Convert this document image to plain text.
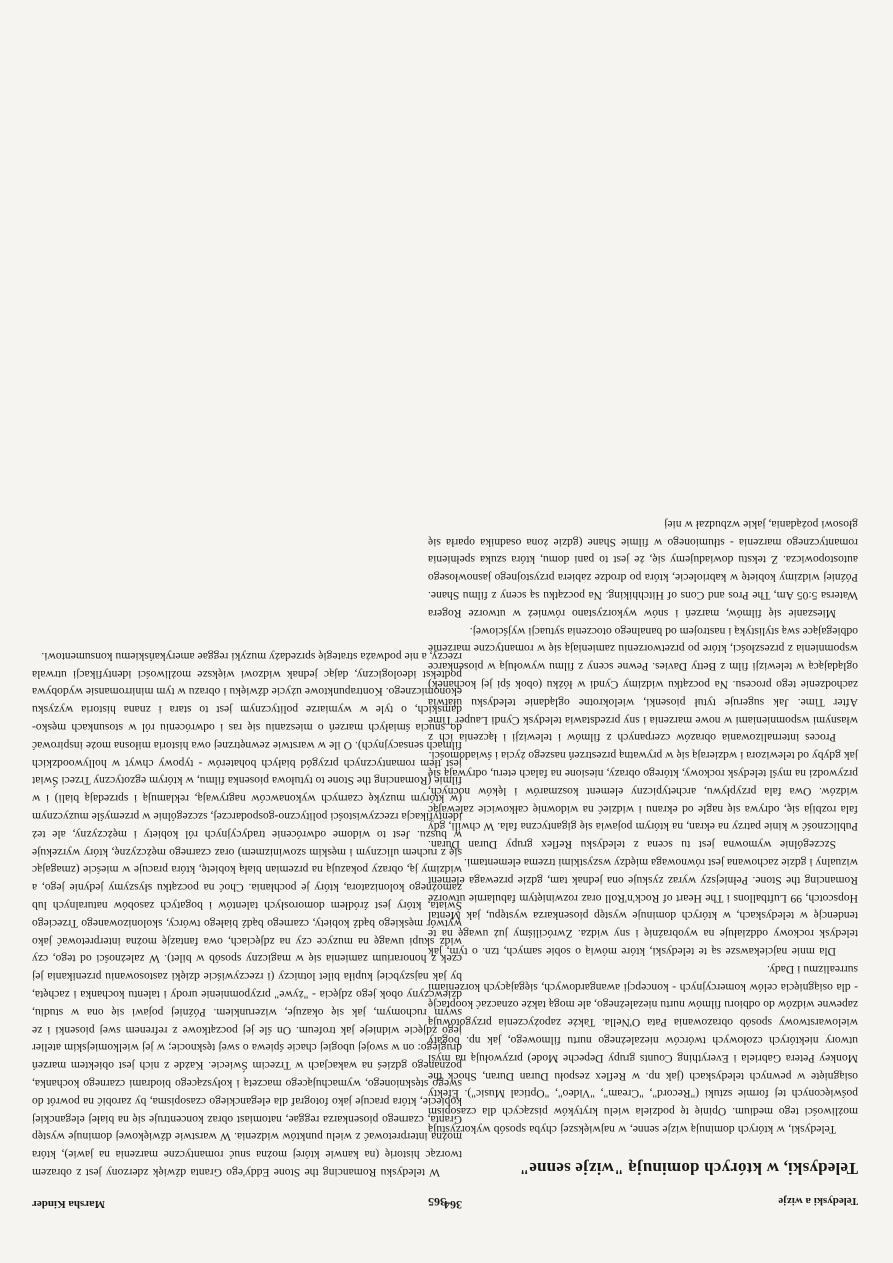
Teledyski a wizje
365
Teledyski, w których dominują "wizje senne"

Teledyski, w których dominują wizje senne, w największej chyba sposób wykorzystują możliwości tego medium. Opinię tę podziela wielu krytyków piszących dla czasopism poświęconych tej formie sztuki ("Record", "Cream", "Video", "Optical Music"). Efekty osiągnięte w pewnych teledyskach (jak np. w Reflex zespołu Duran Duran, Shock the Monkey Petera Gabriela i Everything Counts grupy Depeche Mode) przywołują na myśl utwory niektórych czołowych twórców niezależnego nurtu filmowego, jak np. bogaty wielowarstwowy sposób obrazowania Pata O'Nella. Także zapożyczenia przygotowują zapewne widzów do odbioru filmów nurtu niezależnego, ale mogą także oznaczać kooptację - dla osiągnięcia celów komercyjnych - koncepcji awangardowych, sięgających korzeniami surrealizmu i Dady.

Dla mnie najciekawsze są te teledyski, które mówią o sobie samych, tzn. o tym, jak teledysk rockowy oddziałuje na wyobraźnię i sny widza. Zwróciliśmy już uwagę na te tendencję w teledyskach, w których dominuje występ piosenkarza występu, jak Mental Hopscotch, 99 Luftballons i The Heart of Rock'n'Roll oraz rozwiniętym fabularnie utworze Romancing the Stone. Pełniejszy wyraz zyskuje ona jednak tam, gdzie przewaga element wizualny i gdzie zachowana jest równowaga między wszystkimi trzema elementami.

Szczególnie wymowna jest tu scena z teledysku Reflex grupy Duran Duran. Publiczność w kinie patrzy na ekran, na którym pojawia się gigantyczna fala. W chwili, gdy fala rozbija się, odrywa się nagle od ekranu i widzieć na widownię całkowicie zalewając widzów. Owa fala przypływu, archetypiczny element koszmarów i lęków nocnych, przywodzi na myśl teledysk rockowy, którego obrazy, niesione na falach eteru, odrywają się jak gdyby od telewizora i wdzierają się w prywatną przestrzeń naszego życia i świadomości.

Proces internalizowania obrazów czerpanych z filmów i telewizji i łączenia ich z własnymi wspomnieniami w nowe marzenia i sny przedstawia teledysk Cyndi Lauper Time After Time. Jak sugeruje tytuł piosenki, wielokrotne oglądanie teledysku ułatwia zachodzenie tego procesu. Na początku widzimy Cyndi w łóżku (obok śpi jej kochanek) oglądającą w telewizji film z Betty Davies. Pewne sceny z filmu wywołują w piosenkarce wspomnienia z przeszłości, które po przetworzeniu zamieniają się w romantyczne marzenie odbiegające swą stylistyką i nastrojem od banalnego otoczenia sytuacji wyjściowej.

Mieszanie się filmów, marzeń i snów wykorzystano również w utworze Rogera Watersa 5:05 Am, The Pros and Cons of Hitchhiking. Na początku są sceny z filmu Shane. Później widzimy kobietę w kabriolecie, która po drodze zabiera przystojnego jasnowłosego autostopowicza. Z tekstu dowiadujemy się, że jest to pani domu, która szuka spełnienia romantycznego marzenia - stłumionego w filmie Shane (gdzie żona osadnika oparła się głosowi pożądania, jakie wzbudzał w niej

364
Marsha Kinder

W teledysku Romancing the Stone Eddy'ego Granta dźwięk zderzony jest z obrazem tworząc historię (na kanwie której można snuć romantyczne marzenia na jawie), która można interpretować z wielu punktów widzenia. W warstwie dźwiękowej dominuje występ Granta, czarnego piosenkarza reggae, natomiast obraz koncentruje się na białej eleganckiej kobiecie, która pracuje jako fotograf dla eleganckiego czasopisma, by zarobić na powrót do swego stęsknionego, wymachującego maczetą i kołyszącego biodrami czarnego kochanka, poznanego gdzieś na wakacjach w Trzecim Świecie. Każde z nich jest obiektem marzeń drugiego: on w swojej ubogiej chacie śpiewa o swej tęsknocie; w jej wielkomiejskim atelier jego zdjęcie widnieje jak trofeum. On śle jej początkowe z refrenem swej piosenki i ze swym ruchomym, jak się okazuje, wizerunkiem. Później pojawi się ona w studiu, dziewczyny obok jego zdjęcia - "żywe" przypomnienie urody i talentu kochanka i zachęta, by jak najszybciej kupiła bilet lotniczy (i rzeczywiście dzięki zastosowaniu przenikania jej czek z honorarium zamienia się w magiczny sposób w bilet). W zależności od tego, czy widz skupi uwagę na muzyce czy na zdjęciach, owa fantazję można interpretować jako wytwór męskiego bądź kobiety, czarnego bądź białego twórcy, skolonizowanego Trzeciego Świata, który jest źródłem domorosłych talentów i bogatych zasobów naturalnych lub zamożnego kolonizatora, który je pochłania. Choć na początku słyszymy jedynie jego, a widzimy ją, obrazy pokazują na przemian białą kobietę, która pracuje w mieście (zmagając się z ruchem ulicznym i męskim szowinizmem) oraz czarnego mężczyznę, który wyrzekuje w buszu. Jest to widome odwrócenie tradycyjnych ról kobiety i mężczyzny, ale też identyfikacja rzeczywistości polityczno-gospodarczej, szczególnie w przemyśle muzycznym (w którym muzykę czarnych wykonawców nagrywają, reklamują i sprzedają biali) i w filmie (Romancing the Stone to tytułowa piosenka filmu, w którym egzotyczny Trzeci Świat jest tłem romantycznych przygód białych bohaterów - typowy chwyt w hollywoodzkich filmach sensacyjnych). O ile w warstwie zewnętrznej owa historia miłosna może inspirować do snucia śmiałych marzeń o mieszaniu się ras i odwróceniu ról w stosunkach męsko-damskich, o tyle w wymiarze politycznym jest to stara i znana historia wyzysku ekonomicznego. Kontrapunktowe użycie dźwięku i obrazu w tym minirromansie wydobywa podtekst ideologiczny, dając jednak widzowi większe możliwości identyfikacji utrwala rzeczy, a nie podważa strategię sprzedaży muzyki reggae amerykańskiemu konsumentowi.
